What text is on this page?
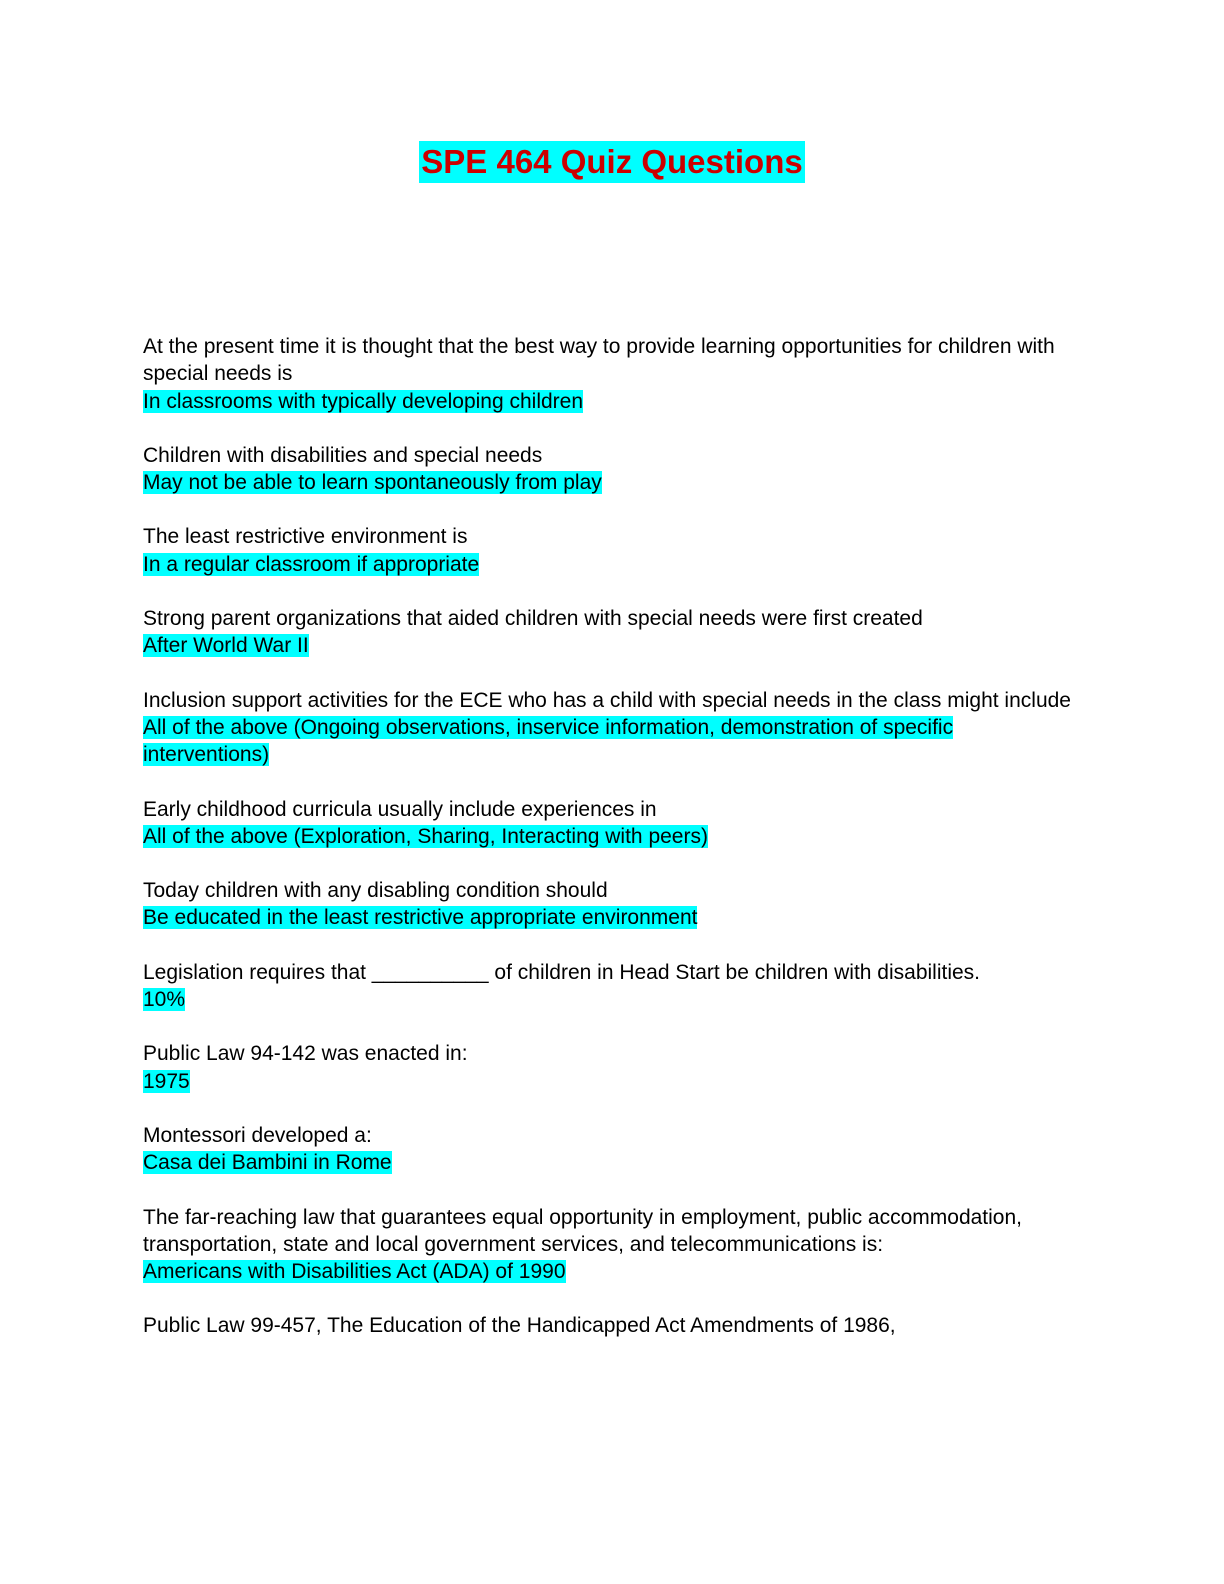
SPE 464 Quiz Questions
At the present time it is thought that the best way to provide learning opportunities for children with special needs is
In classrooms with typically developing children
Children with disabilities and special needs
May not be able to learn spontaneously from play
The least restrictive environment is
In a regular classroom if appropriate
Strong parent organizations that aided children with special needs were first created
After World War II
Inclusion support activities for the ECE who has a child with special needs in the class might include
All of the above (Ongoing observations, inservice information, demonstration of specific interventions)
Early childhood curricula usually include experiences in
All of the above (Exploration, Sharing, Interacting with peers)
Today children with any disabling condition should
Be educated in the least restrictive appropriate environment
Legislation requires that __________ of children in Head Start be children with disabilities.
10%
Public Law 94-142 was enacted in:
1975
Montessori developed a:
Casa dei Bambini in Rome
The far-reaching law that guarantees equal opportunity in employment, public accommodation, transportation, state and local government services, and telecommunications is:
Americans with Disabilities Act (ADA) of 1990
Public Law 99-457, The Education of the Handicapped Act Amendments of 1986,
